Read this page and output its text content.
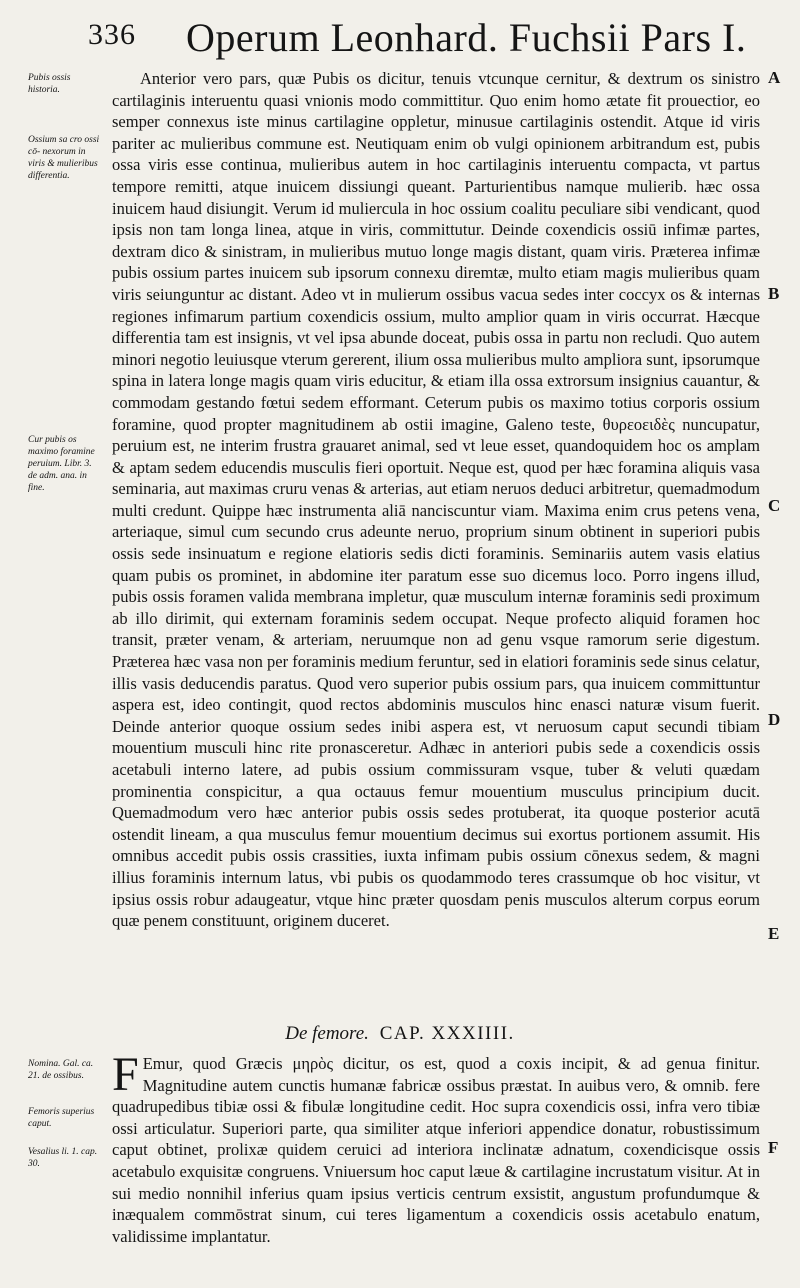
336 Operum Leonhard. Fuchsii Pars I.
Pubis ossis historia.
Ossium sa cro ossi cō- nexorum in viris & mulieribus differentia.
Cur pubis os maximo foramine peruium. Libr. 3. de adm. ana. in fine.
Nomina. Gal. ca. 21. de ossibus.
Femoris superius caput.
Vesalius li. 1. cap. 30.
A
B
C
D
E
F

Anterior vero pars, quæ Pubis os dicitur, tenuis vtcunque cernitur, & dextrum os sinistro cartilaginis interuentu quasi vnionis modo committitur. Quo enim homo ætate fit prouectior, eo semper connexus iste minus cartilagine oppletur, minusue cartilaginis ostendit. Atque id viris pariter ac mulieribus commune est. Neutiquam enim ob vulgi opinionem arbitrandum est, pubis ossa viris esse continua, mulieribus autem in hoc cartilaginis interuentu compacta, vt partus tempore remitti, atque inuicem dissiungi queant. Parturientibus namque mulierib. hæc ossa inuicem haud disiungit. Verum id muliercula in hoc ossium coalitu peculiare sibi vendicant, quod ipsis non tam longa linea, atque in viris, committutur. Deinde coxendicis ossiū infimæ partes, dextram dico & sinistram, in mulieribus mutuo longe magis distant, quam viris. Præterea infimæ pubis ossium partes inuicem sub ipsorum connexu diremtæ, multo etiam magis mulieribus quam viris seiunguntur ac distant. Adeo vt in mulierum ossibus vacua sedes inter coccyx os & internas regiones infimarum partium coxendicis ossium, multo amplior quam in viris occurrat. Hæcque differentia tam est insignis, vt vel ipsa abunde doceat, pubis ossa in partu non recludi. Quo autem minori negotio leuiusque vterum gererent, ilium ossa mulieribus multo ampliora sunt, ipsorumque spina in latera longe magis quam viris educitur, & etiam illa ossa extrorsum insignius cauantur, & commodam gestando fœtui sedem efformant. Ceterum pubis os maximo totius corporis ossium foramine, quod propter magnitudinem ab ostii imagine, Galeno teste, θυρεοειδὲς nuncupatur, peruium est, ne interim frustra grauaret animal, sed vt leue esset, quandoquidem hoc os amplam & aptam sedem educendis musculis fieri oportuit. Neque est, quod per hæc foramina aliquis vasa seminaria, aut maximas cruru venas & arterias, aut etiam neruos deduci arbitretur, quemadmodum multi credunt. Quippe hæc instrumenta aliā nanciscuntur viam. Maxima enim crus petens vena, arteriaque, simul cum secundo crus adeunte neruo, proprium sinum obtinent in superiori pubis ossis sede insinuatum e regione elatioris sedis dicti foraminis. Seminariis autem vasis elatius quam pubis os prominet, in abdomine iter paratum esse suo dicemus loco. Porro ingens illud, pubis ossis foramen valida membrana impletur, quæ musculum internæ foraminis sedi proximum ab illo dirimit, qui externam foraminis sedem occupat. Neque profecto aliquid foramen hoc transit, præter venam, & arteriam, neruumque non ad genu vsque ramorum serie digestum. Præterea hæc vasa non per foraminis medium feruntur, sed in elatiori foraminis sede sinus celatur, illis vasis deducendis paratus. Quod vero superior pubis ossium pars, qua inuicem committuntur aspera est, ideo contingit, quod rectos abdominis musculos hinc enasci naturæ visum fuerit. Deinde anterior quoque ossium sedes inibi aspera est, vt neruosum caput secundi tibiam mouentium musculi hinc rite pronasceretur. Adhæc in anteriori pubis sede a coxendicis ossis acetabuli interno latere, ad pubis ossium commissuram vsque, tuber & veluti quædam prominentia conspicitur, a qua octauus femur mouentium musculus principium ducit. Quemadmodum vero hæc anterior pubis ossis sedes protuberat, ita quoque posterior acutā ostendit lineam, a qua musculus femur mouentium decimus sui exortus portionem assumit. His omnibus accedit pubis ossis crassities, iuxta infimam pubis ossium cōnexus sedem, & magni illius foraminis internum latus, vbi pubis os quodammodo teres crassumque ob hoc visitur, vt ipsius ossis robur adaugeatur, vtque hinc præter quosdam penis musculos alterum corpus eorum quæ penem constituunt, originem duceret.

De femore. CAP. XXXIIII.
F Emur, quod Græcis μηρὸς dicitur, os est, quod a coxis incipit, & ad genua finitur. Magnitudine autem cunctis humanæ fabricæ ossibus præstat. In auibus vero, & omnib. fere quadrupedibus tibiæ ossi & fibulæ longitudine cedit. Hoc supra coxendicis ossi, infra vero tibiæ ossi articulatur. Superiori parte, qua similiter atque inferiori appendice donatur, robustissimum caput obtinet, prolixæ quidem ceruici ad interiora inclinatæ adnatum, coxendicisque ossis acetabulo exquisitæ congruens. Vniuersum hoc caput læue & cartilagine incrustatum visitur. At in sui medio nonnihil inferius quam ipsius verticis centrum exsistit, angustum profundumque & inæqualem commōstrat sinum, cui teres ligamentum a coxendicis ossis acetabulo enatum, validissime implantatur.
